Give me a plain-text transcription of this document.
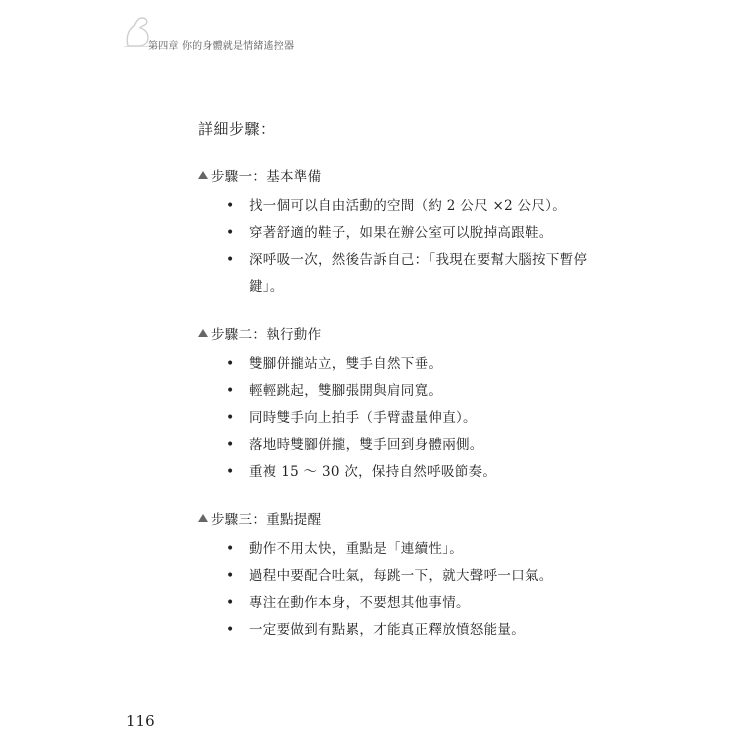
第四章 你的身體就是情緒遙控器
詳細步驟：
步驟一：基本準備
• 找一個可以自由活動的空間（約 2 公尺 ×2 公尺）。
• 穿著舒適的鞋子，如果在辦公室可以脫掉高跟鞋。
• 深呼吸一次，然後告訴自己：「我現在要幫大腦按下暫停鍵」。
步驟二：執行動作
• 雙腳併攏站立，雙手自然下垂。
• 輕輕跳起，雙腳張開與肩同寬。
• 同時雙手向上拍手（手臂盡量伸直）。
• 落地時雙腳併攏，雙手回到身體兩側。
• 重複 15 ～ 30 次，保持自然呼吸節奏。
步驟三：重點提醒
• 動作不用太快，重點是「連續性」。
• 過程中要配合吐氣，每跳一下，就大聲呼一口氣。
• 專注在動作本身，不要想其他事情。
• 一定要做到有點累，才能真正釋放憤怒能量。
116
